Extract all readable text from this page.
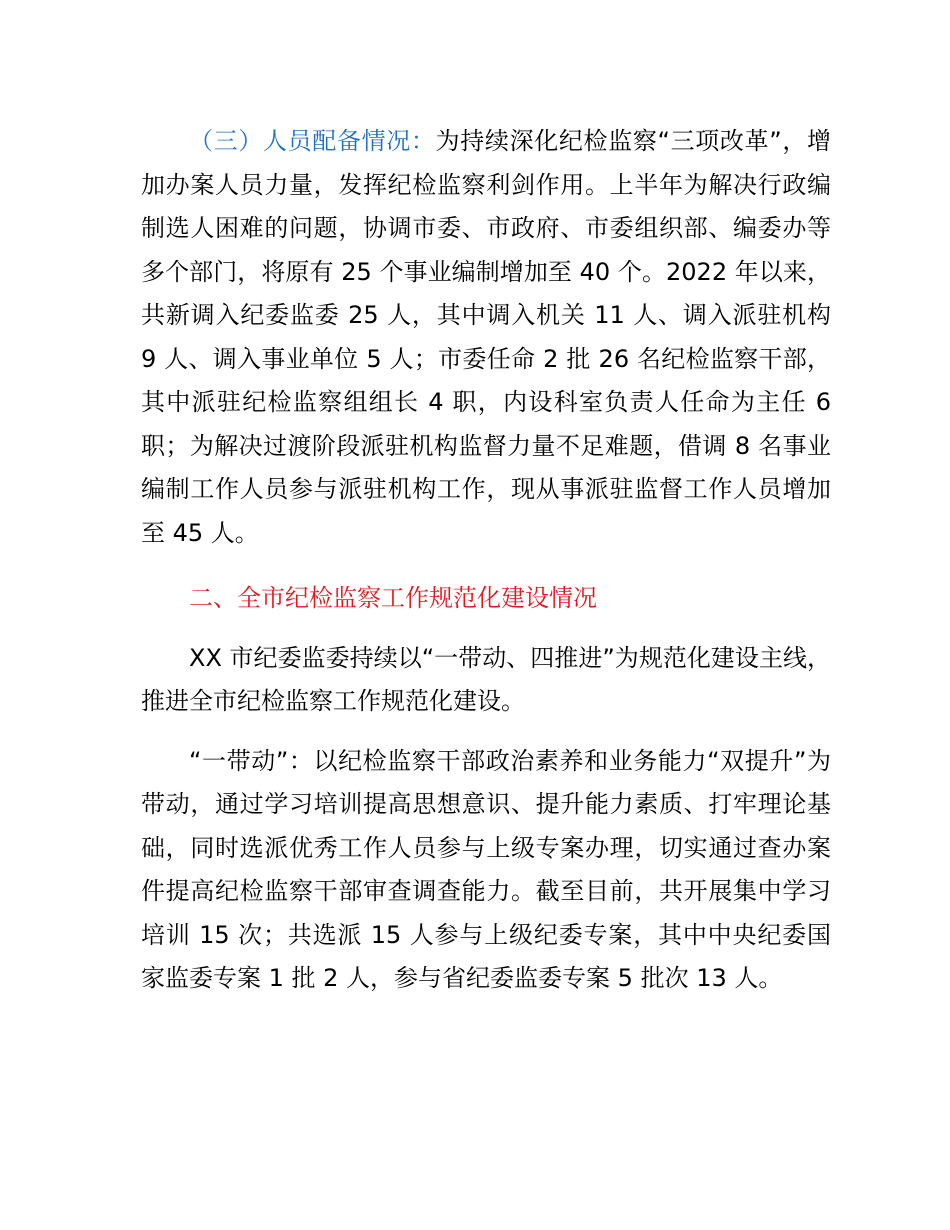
（三）人员配备情况：为持续深化纪检监察“三项改革”，增加办案人员力量，发挥纪检监察利剑作用。上半年为解决行政编制选人困难的问题，协调市委、市政府、市委组织部、编委办等多个部门，将原有 25 个事业编制增加至 40 个。2022 年以来，共新调入纪委监委 25 人，其中调入机关 11 人、调入派驻机构 9 人、调入事业单位 5 人；市委任命 2 批 26 名纪检监察干部，其中派驻纪检监察组组长 4 职，内设科室负责人任命为主任 6 职；为解决过渡阶段派驻机构监督力量不足难题，借调 8 名事业编制工作人员参与派驻机构工作，现从事派驻监督工作人员增加至 45 人。

二、全市纪检监察工作规范化建设情况

XX 市纪委监委持续以“一带动、四推进”为规范化建设主线，推进全市纪检监察工作规范化建设。

“一带动”：以纪检监察干部政治素养和业务能力“双提升”为带动，通过学习培训提高思想意识、提升能力素质、打牢理论基础，同时选派优秀工作人员参与上级专案办理，切实通过查办案件提高纪检监察干部审查调查能力。截至目前，共开展集中学习培训 15 次；共选派 15 人参与上级纪委专案，其中中央纪委国家监委专案 1 批 2 人，参与省纪委监委专案 5 批次 13 人。
